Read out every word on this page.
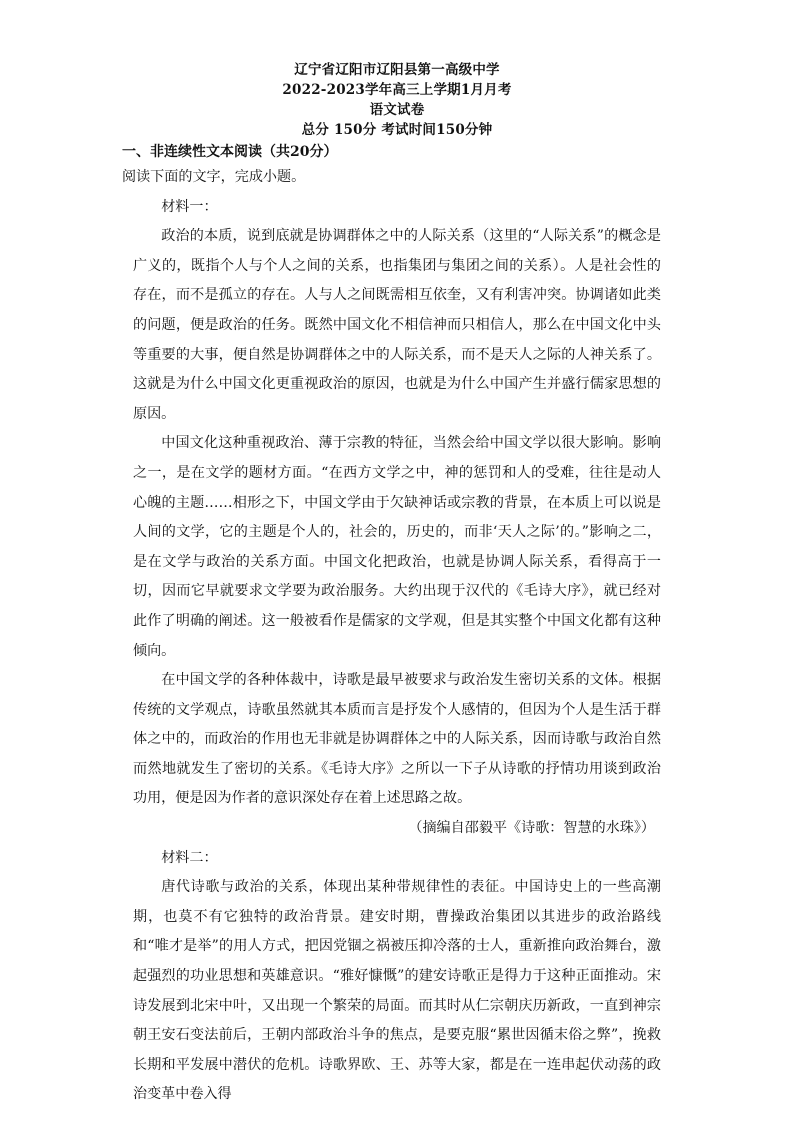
辽宁省辽阳市辽阳县第一高级中学
2022-2023学年高三上学期1月月考
语文试卷
总分 150分 考试时间150分钟
一、非连续性文本阅读（共20分）

阅读下面的文字，完成小题。

材料一：

政治的本质，说到底就是协调群体之中的人际关系（这里的“人际关系”的概念是广义的，既指个人与个人之间的关系，也指集团与集团之间的关系）。人是社会性的存在，而不是孤立的存在。人与人之间既需相互依奎，又有利害冲突。协调诸如此类的问题，便是政治的任务。既然中国文化不相信神而只相信人，那么在中国文化中头等重要的大事，便自然是协调群体之中的人际关系，而不是天人之际的人神关系了。这就是为什么中国文化更重视政治的原因，也就是为什么中国产生并盛行儒家思想的原因。

中国文化这种重视政治、薄于宗教的特征，当然会给中国文学以很大影响。影响之一，是在文学的题材方面。“在西方文学之中，神的惩罚和人的受难，往往是动人心魄的主题……相形之下，中国文学由于欠缺神话或宗教的背景，在本质上可以说是人间的文学，它的主题是个人的，社会的，历史的，而非‘天人之际’的。”影响之二，是在文学与政治的关系方面。中国文化把政治，也就是协调人际关系，看得高于一切，因而它早就要求文学要为政治服务。大约出现于汉代的《毛诗大序》，就已经对此作了明确的阐述。这一般被看作是儒家的文学观，但是其实整个中国文化都有这种倾向。

在中国文学的各种体裁中，诗歌是最早被要求与政治发生密切关系的文体。根据传统的文学观点，诗歌虽然就其本质而言是抒发个人感情的，但因为个人是生活于群体之中的，而政治的作用也无非就是协调群体之中的人际关系，因而诗歌与政治自然而然地就发生了密切的关系。《毛诗大序》之所以一下子从诗歌的抒情功用谈到政治功用，便是因为作者的意识深处存在着上述思路之故。

（摘编自邵毅平《诗歌：智慧的水珠》）

材料二：

唐代诗歌与政治的关系，体现出某种带规律性的表征。中国诗史上的一些高潮期，也莫不有它独特的政治背景。建安时期，曹操政治集团以其进步的政治路线和“唯才是举”的用人方式，把因党锢之祸被压抑冷落的士人，重新推向政治舞台，激起强烈的功业思想和英雄意识。“雅好慷慨”的建安诗歌正是得力于这种正面推动。宋诗发展到北宋中叶，又出现一个繁荣的局面。而其时从仁宗朝庆历新政，一直到神宗朝王安石变法前后，王朝内部政治斗争的焦点，是要克服“累世因循末俗之弊”，挽救长期和平发展中潜伏的危机。诗歌界欧、王、苏等大家，都是在一连串起伏动荡的政治变革中卷入得
